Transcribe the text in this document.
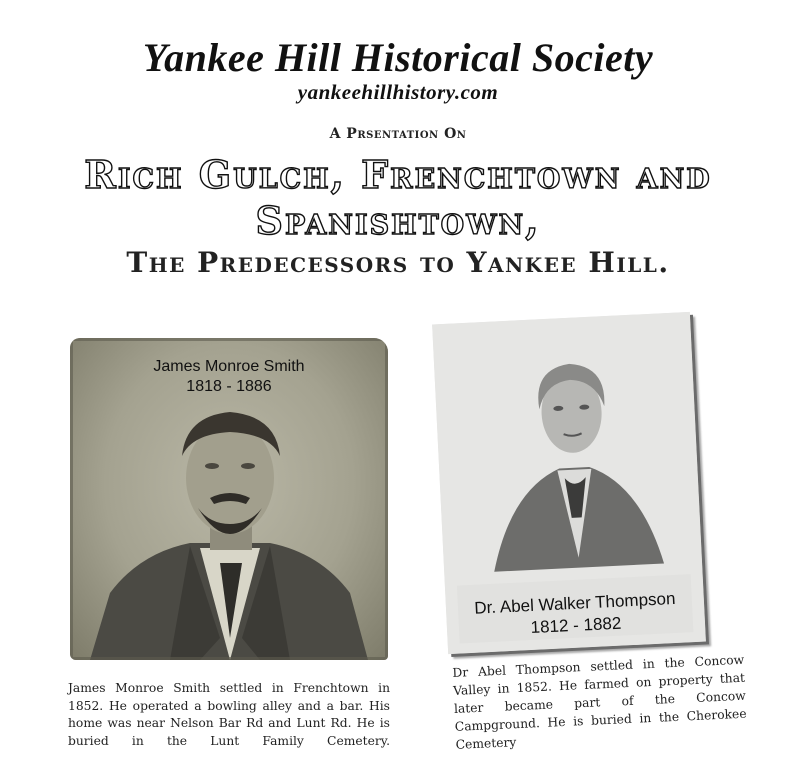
Yankee Hill Historical Society
yankeehillhistory.com
A Prsentation On
Rich Gulch, Frenchtown and
Spanishtown,
The Predecessors to Yankee Hill.
James Monroe Smith
1818 - 1886
Dr. Abel Walker Thompson
1812 - 1882
James Monroe Smith settled in Frenchtown in 1852. He operated a bowling alley and a bar. His home was near Nelson Bar Rd and Lunt Rd. He is buried in the Lunt Family Cemetery.
Dr Abel Thompson settled in the Concow Valley in 1852. He farmed on property that later became part of the Concow Campground. He is buried in the Cherokee Cemetery
